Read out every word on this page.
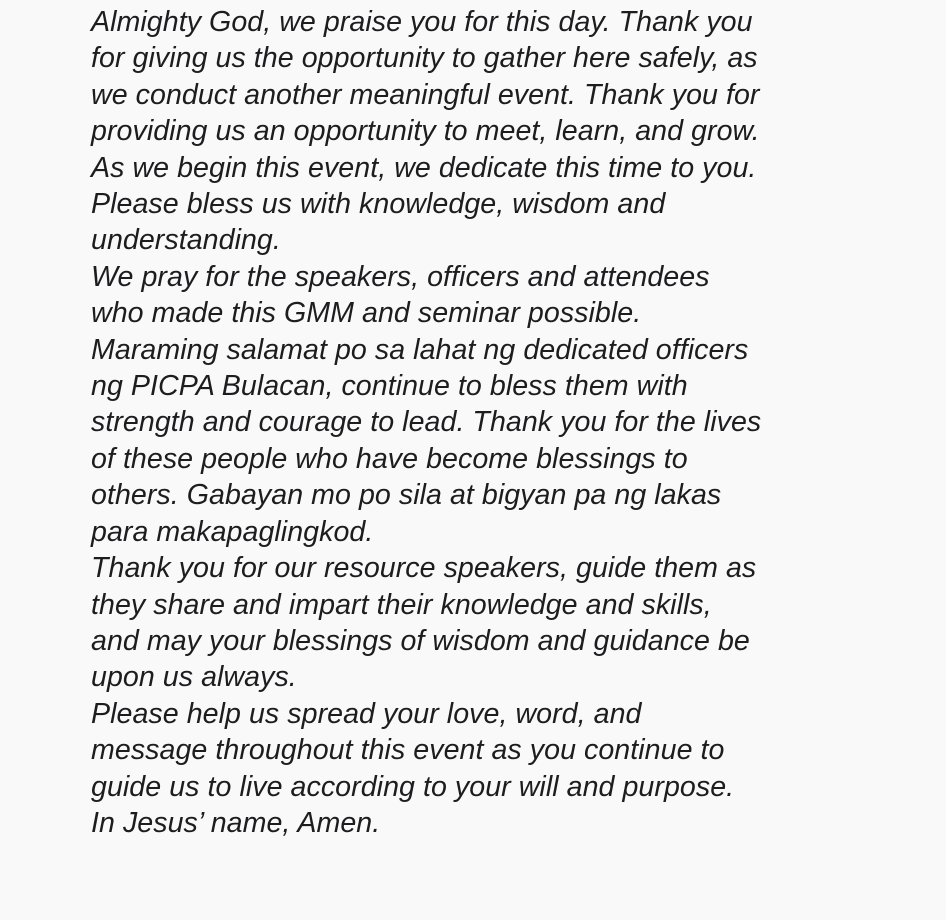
Almighty God, we praise you for this day. Thank you
for giving us the opportunity to gather here safely, as
we conduct another meaningful event. Thank you for
providing us an opportunity to meet, learn, and grow.
As we begin this event, we dedicate this time to you.
Please bless us with knowledge, wisdom and
understanding.
We pray for the speakers, officers and attendees
who made this GMM and seminar possible.
Maraming salamat po sa lahat ng dedicated officers
ng PICPA Bulacan, continue to bless them with
strength and courage to lead. Thank you for the lives
of these people who have become blessings to
others. Gabayan mo po sila at bigyan pa ng lakas
para makapaglingkod.
Thank you for our resource speakers, guide them as
they share and impart their knowledge and skills,
and may your blessings of wisdom and guidance be
upon us always.
Please help us spread your love, word, and
message throughout this event as you continue to
guide us to live according to your will and purpose.
In Jesus’ name, Amen.
